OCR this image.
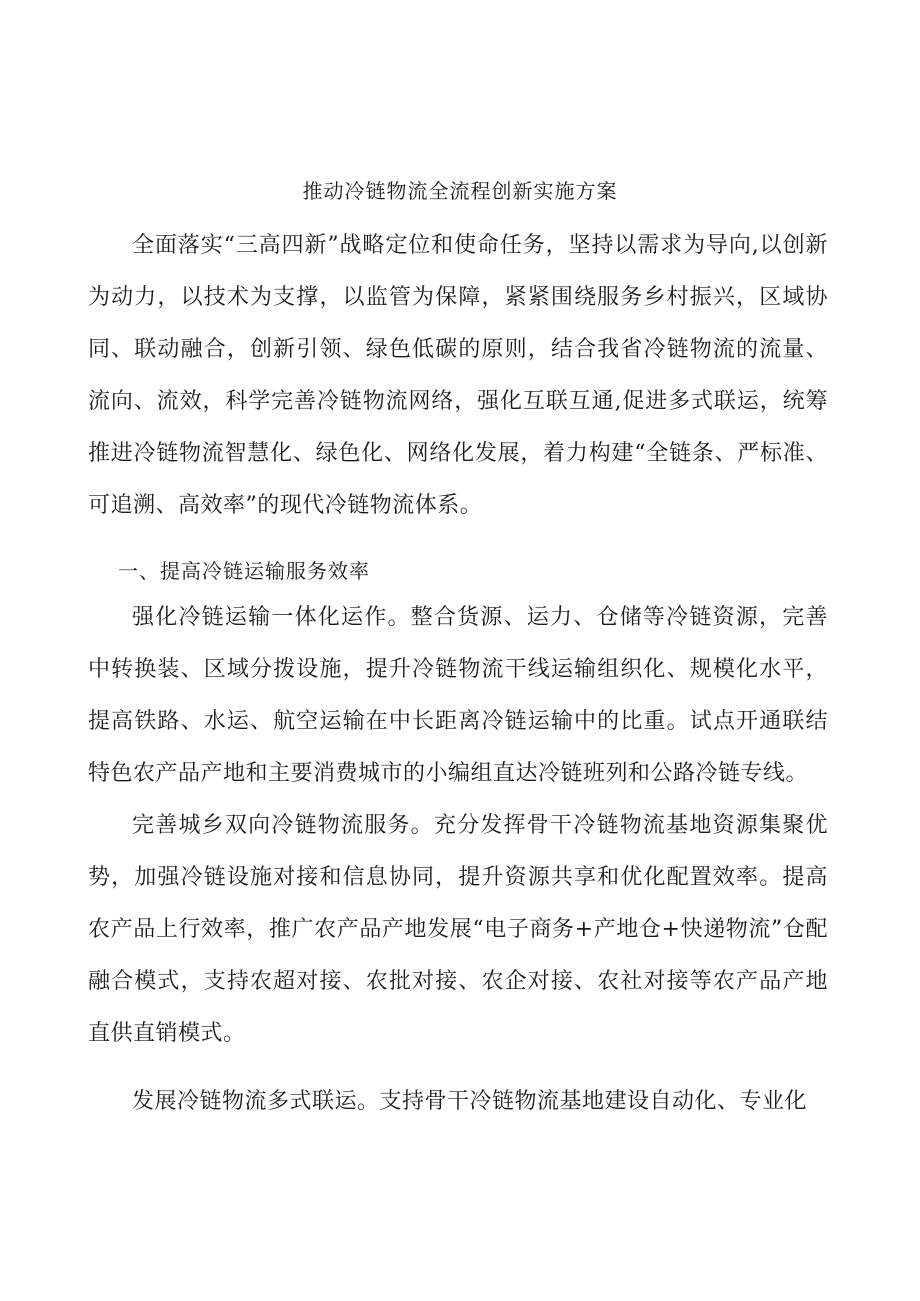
推动冷链物流全流程创新实施方案

全面落实“三高四新”战略定位和使命任务，坚持以需求为导向,以创新为动力，以技术为支撑，以监管为保障，紧紧围绕服务乡村振兴，区域协同、联动融合，创新引领、绿色低碳的原则，结合我省冷链物流的流量、流向、流效，科学完善冷链物流网络，强化互联互通,促进多式联运，统筹推进冷链物流智慧化、绿色化、网络化发展，着力构建“全链条、严标准、可追溯、高效率”的现代冷链物流体系。

一、提高冷链运输服务效率

强化冷链运输一体化运作。整合货源、运力、仓储等冷链资源，完善中转换装、区域分拨设施，提升冷链物流干线运输组织化、规模化水平，提高铁路、水运、航空运输在中长距离冷链运输中的比重。试点开通联结特色农产品产地和主要消费城市的小编组直达冷链班列和公路冷链专线。

完善城乡双向冷链物流服务。充分发挥骨干冷链物流基地资源集聚优势，加强冷链设施对接和信息协同，提升资源共享和优化配置效率。提高农产品上行效率，推广农产品产地发展“电子商务+产地仓+快递物流”仓配融合模式，支持农超对接、农批对接、农企对接、农社对接等农产品产地直供直销模式。

发展冷链物流多式联运。支持骨干冷链物流基地建设自动化、专业化
